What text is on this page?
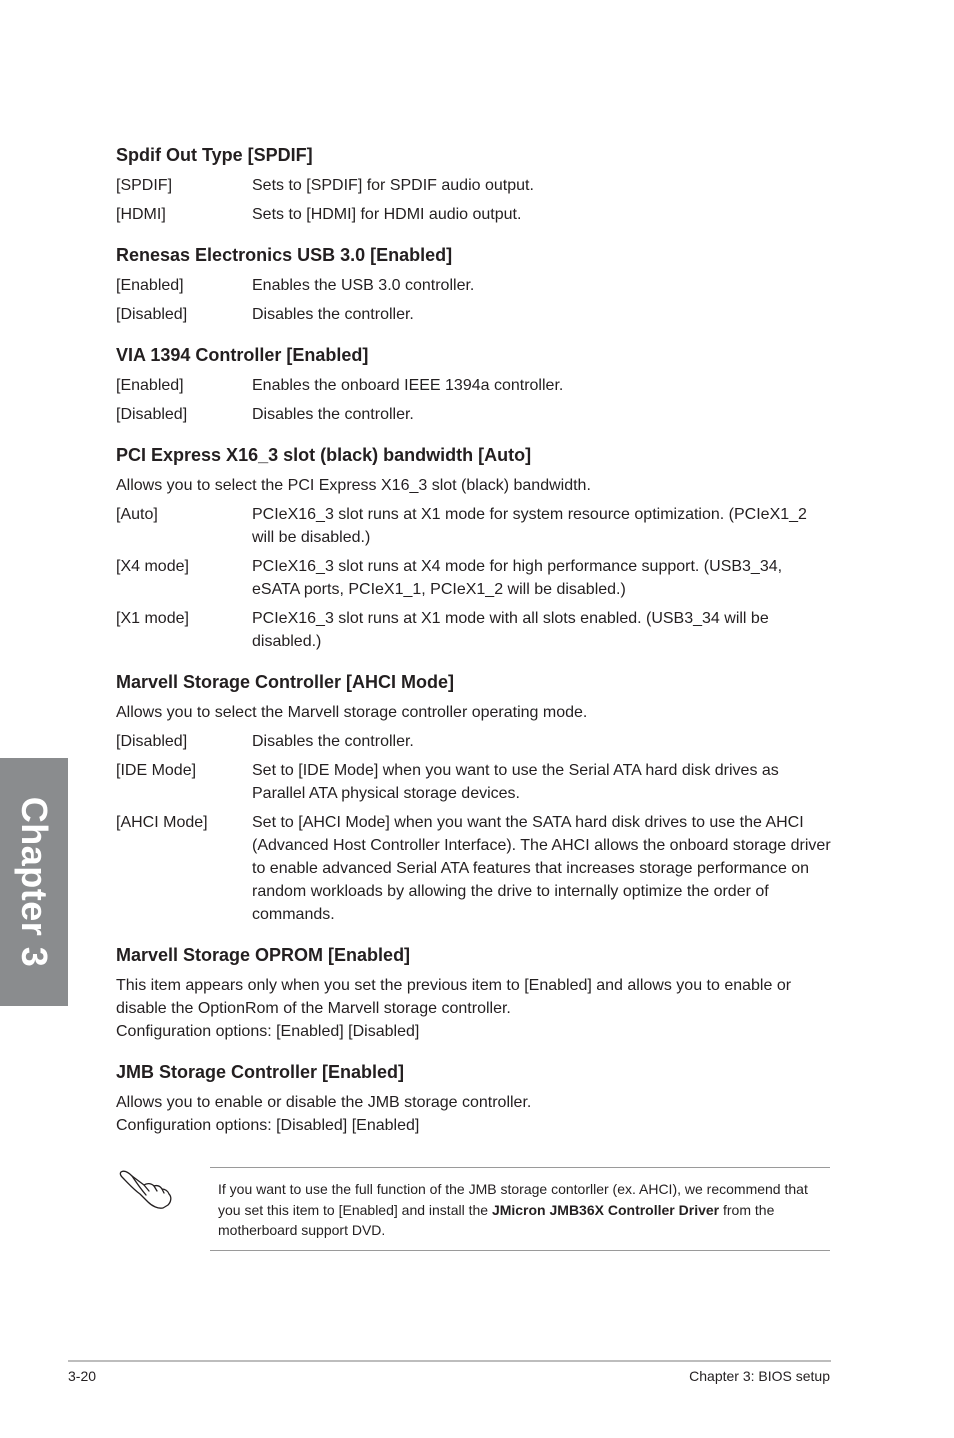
Chapter 3
Spdif Out Type [SPDIF]
[SPDIF]	Sets to [SPDIF] for SPDIF audio output.
[HDMI]	Sets to [HDMI] for HDMI audio output.
Renesas Electronics USB 3.0 [Enabled]
[Enabled]	Enables the USB 3.0 controller.
[Disabled]	Disables the controller.
VIA 1394 Controller [Enabled]
[Enabled]	Enables the onboard IEEE 1394a controller.
[Disabled]	Disables the controller.
PCI Express X16_3 slot (black) bandwidth [Auto]
Allows you to select the PCI Express X16_3 slot (black) bandwidth.
[Auto]	PCIeX16_3 slot runs at X1 mode for system resource optimization. (PCIeX1_2 will be disabled.)
[X4 mode]	PCIeX16_3 slot runs at X4 mode for high performance support. (USB3_34, eSATA ports, PCIeX1_1, PCIeX1_2 will be disabled.)
[X1 mode]	PCIeX16_3 slot runs at X1 mode with all slots enabled. (USB3_34 will be disabled.)
Marvell Storage Controller [AHCI Mode]
Allows you to select the Marvell storage controller operating mode.
[Disabled]	Disables the controller.
[IDE Mode]	Set to [IDE Mode] when you want to use the Serial ATA hard disk drives as Parallel ATA physical storage devices.
[AHCI Mode]	Set to [AHCI Mode] when you want the SATA hard disk drives to use the AHCI (Advanced Host Controller Interface). The AHCI allows the onboard storage driver to enable advanced Serial ATA features that increases storage performance on random workloads by allowing the drive to internally optimize the order of commands.
Marvell Storage OPROM [Enabled]
This item appears only when you set the previous item to [Enabled] and allows you to enable or disable the OptionRom of the Marvell storage controller.
Configuration options: [Enabled] [Disabled]
JMB Storage Controller [Enabled]
Allows you to enable or disable the JMB storage controller.
Configuration options: [Disabled] [Enabled]
If you want to use the full function of the JMB storage contorller (ex. AHCI), we recommend that you set this item to [Enabled] and install the JMicron JMB36X Controller Driver from the motherboard support DVD.
3-20	Chapter 3: BIOS setup
